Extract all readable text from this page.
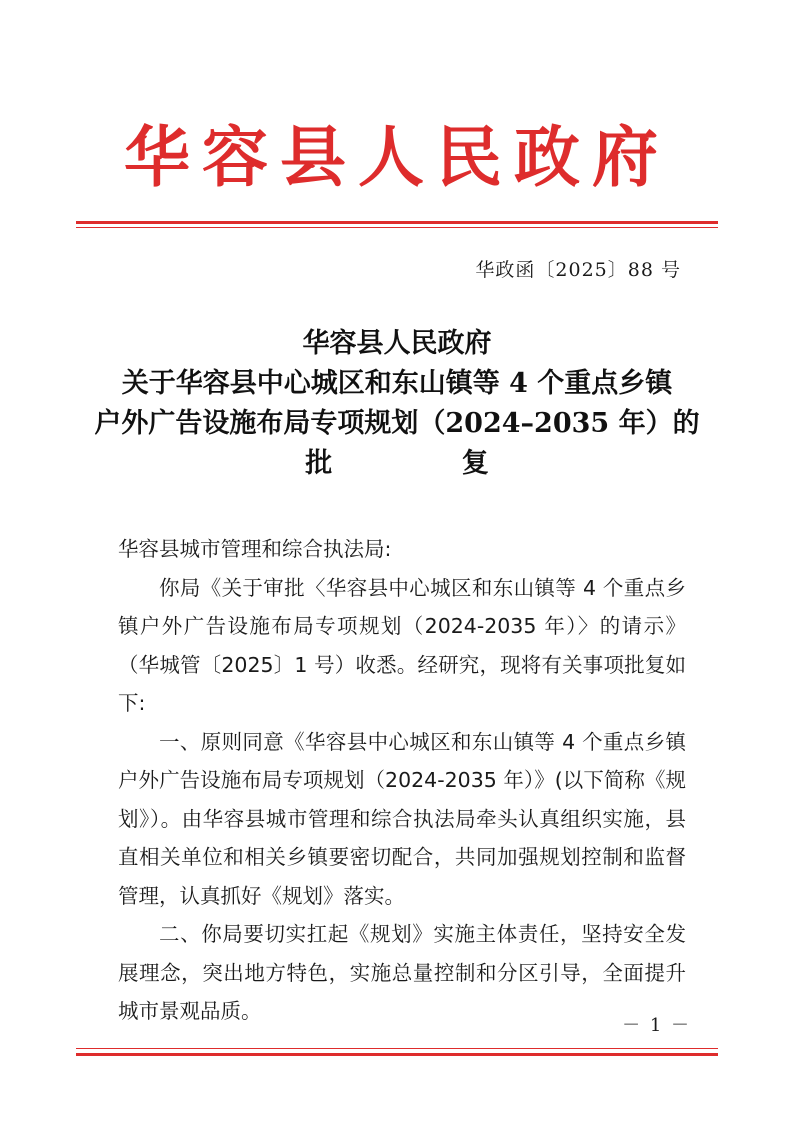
华容县人民政府
华政函〔2025〕88 号
华容县人民政府
关于华容县中心城区和东山镇等 4 个重点乡镇
户外广告设施布局专项规划（2024–2035 年）的
批 复

华容县城市管理和综合执法局:

你局《关于审批〈华容县中心城区和东山镇等 4 个重点乡镇户外广告设施布局专项规划（2024-2035 年）〉的请示》（华城管〔2025〕1 号）收悉。经研究，现将有关事项批复如下:

一、原则同意《华容县中心城区和东山镇等 4 个重点乡镇户外广告设施布局专项规划（2024-2035 年）》(以下简称《规划》）。由华容县城市管理和综合执法局牵头认真组织实施，县直相关单位和相关乡镇要密切配合，共同加强规划控制和监督管理，认真抓好《规划》落实。

二、你局要切实扛起《规划》实施主体责任，坚持安全发展理念，突出地方特色，实施总量控制和分区引导，全面提升城市景观品质。

－ 1 －
